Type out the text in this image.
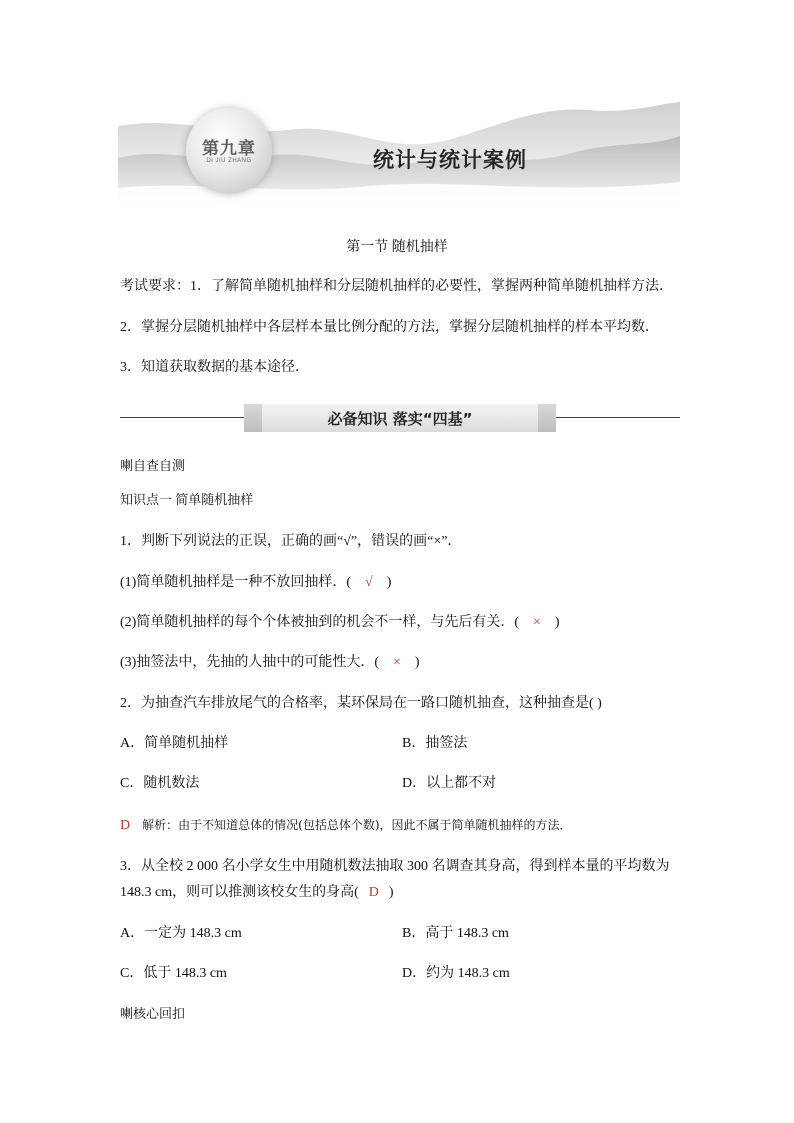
第九章
DI JIU ZHANG	统计与统计案例
第一节 随机抽样
考试要求：1．了解简单随机抽样和分层随机抽样的必要性，掌握两种简单随机抽样方法．
2．掌握分层随机抽样中各层样本量比例分配的方法，掌握分层随机抽样的样本平均数．
3．知道获取数据的基本途径．
必备知识 落实“四基”
喇自查自测
知识点一 简单随机抽样
1．判断下列说法的正误，正确的画“√”，错误的画“×”．
(1)简单随机抽样是一种不放回抽样．( √ )
(2)简单随机抽样的每个个体被抽到的机会不一样，与先后有关．( × )
(3)抽签法中，先抽的人抽中的可能性大．( × )
2．为抽查汽车排放尾气的合格率，某环保局在一路口随机抽查，这种抽查是( )
A．简单随机抽样	B．抽签法
C．随机数法	D．以上都不对
D 解析：由于不知道总体的情况(包括总体个数)，因此不属于简单随机抽样的方法．
3．从全校 2 000 名小学女生中用随机数法抽取 300 名调查其身高，得到样本量的平均数为
148.3 cm，则可以推测该校女生的身高( D )
A．一定为 148.3 cm	B．高于 148.3 cm
C．低于 148.3 cm	D．约为 148.3 cm
喇核心回扣
